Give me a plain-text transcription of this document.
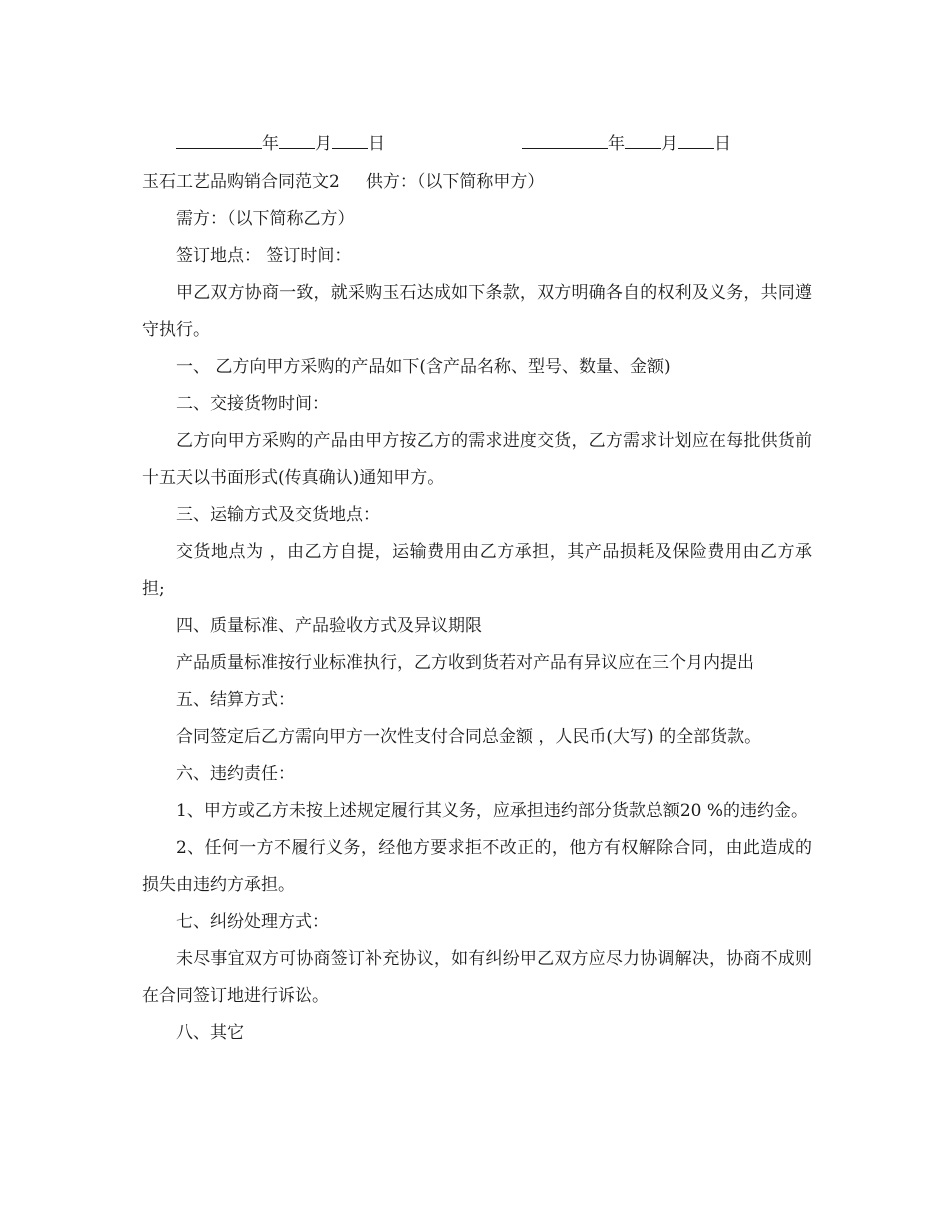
年 月 日	年 月 日

玉石工艺品购销合同范文2 供方：（以下简称甲方）

需方：（以下简称乙方）

签订地点： 签订时间：

甲乙双方协商一致，就采购玉石达成如下条款，双方明确各自的权利及义务，共同遵守执行。

一、 乙方向甲方采购的产品如下(含产品名称、型号、数量、金额)

二、交接货物时间：

乙方向甲方采购的产品由甲方按乙方的需求进度交货，乙方需求计划应在每批供货前十五天以书面形式(传真确认)通知甲方。

三、运输方式及交货地点：

交货地点为 ，由乙方自提，运输费用由乙方承担，其产品损耗及保险费用由乙方承担;

四、质量标准、产品验收方式及异议期限

产品质量标准按行业标准执行，乙方收到货若对产品有异议应在三个月内提出

五、结算方式：

合同签定后乙方需向甲方一次性支付合同总金额 ，人民币(大写) 的全部货款。

六、违约责任：

1、甲方或乙方未按上述规定履行其义务，应承担违约部分货款总额20 %的违约金。

2、任何一方不履行义务，经他方要求拒不改正的，他方有权解除合同，由此造成的损失由违约方承担。

七、纠纷处理方式：

未尽事宜双方可协商签订补充协议，如有纠纷甲乙双方应尽力协调解决，协商不成则在合同签订地进行诉讼。

八、其它
